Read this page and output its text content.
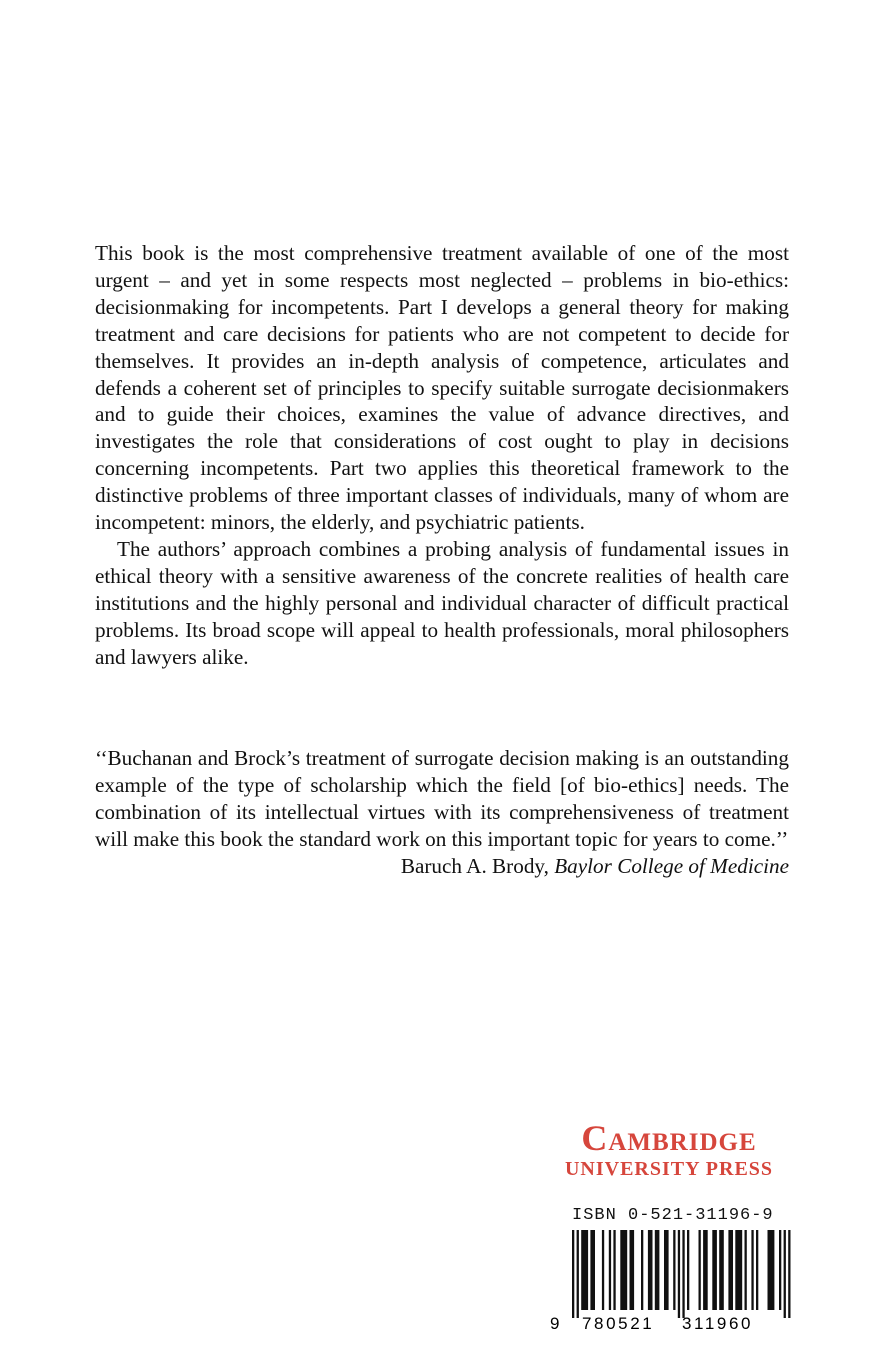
This book is the most comprehensive treatment available of one of the most urgent – and yet in some respects most neglected – problems in bio-ethics: decisionmaking for incompetents. Part I develops a general theory for making treatment and care decisions for patients who are not competent to decide for themselves. It provides an in-depth analysis of competence, articulates and defends a coherent set of principles to specify suitable surrogate decisionmakers and to guide their choices, examines the value of advance directives, and investigates the role that considerations of cost ought to play in decisions concerning incompetents. Part two applies this theoretical framework to the distinctive problems of three important classes of individuals, many of whom are incompetent: minors, the elderly, and psychiatric patients.

The authors’ approach combines a probing analysis of fundamental issues in ethical theory with a sensitive awareness of the concrete realities of health care institutions and the highly personal and individual character of difficult practical problems. Its broad scope will appeal to health professionals, moral philosophers and lawyers alike.

‘‘Buchanan and Brock’s treatment of surrogate decision making is an outstanding example of the type of scholarship which the field [of bio-ethics] needs. The combination of its intellectual virtues with its comprehensiveness of treatment will make this book the standard work on this important topic for years to come.’’

Baruch A. Brody, Baylor College of Medicine

Cambridge
UNIVERSITY PRESS
ISBN 0-521-31196-9
9 780521 311960
